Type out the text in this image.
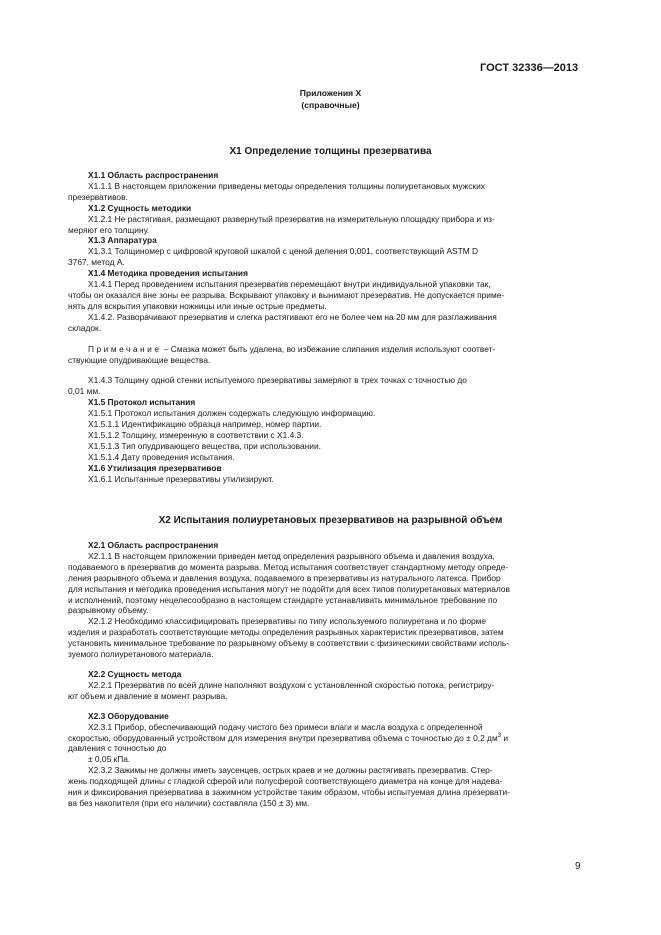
ГОСТ 32336—2013
Приложения Х
(справочные)
Х1 Определение толщины презерватива

Х1.1 Область распространения

Х1.1.1 В настоящем приложении приведены методы определения толщины полиуретановых мужских

презервативов.

Х1.2 Сущность методики

Х1.2.1 Не растягивая, размещают развернутый презерватив на измерительную площадку прибора и из-

меряют его толщину.

Х1.3 Аппаратура

Х1.3.1 Толщиномер с цифровой круговой шкалой с ценой деления 0,001, соответствующий ASTM D

3767, метод А.

Х1.4 Методика проведения испытания

Х1.4.1 Перед проведением испытания презерватив перемещают внутри индивидуальной упаковки так,

чтобы он оказался вне зоны ее разрыва. Вскрывают упаковку и вынимают презерватив. Не допускается приме-

нять для вскрытия упаковки ножницы или иные острые предметы.

Х1.4.2. Разворачивают презерватив и слегка растягивают его не более чем на 20 мм для разглаживания

складок.

Примечание – Смазка может быть удалена, во избежание слипания изделия используют соответ-

ствующие опудривающие вещества.

Х1.4.3 Толщину одной стенки испытуемого презервативы замеряют в трех точках с точностью до

0,01 мм.

Х1.5 Протокол испытания

Х1.5.1 Протокол испытания должен содержать следующую информацию.

Х1.5.1.1 Идентификацию образца например, номер партии.

Х1.5.1.2 Толщину, измеренную в соответствии с Х1.4.3.

Х1.5.1.3 Тип опудривающего вещества, при использовании.

Х1.5.1.4 Дату проведения испытания.

Х1.6 Утилизация презервативов

Х1.6.1 Испытанные презервативы утилизируют.

Х2 Испытания полиуретановых презервативов на разрывной объем

Х2.1 Область распространения

Х2.1.1 В настоящем приложении приведен метод определения разрывного объема и давления воздуха,

подаваемого в презерватив до момента разрыва. Метод испытания соответствует стандартному методу опреде-

ления разрывного объема и давления воздуха, подаваемого в презервативы из натурального латекса. Прибор

для испытания и методика проведения испытания могут не подойти для всех типов полиуретановых материалов

и исполнений, поэтому нецелесообразно в настоящем стандарте устанавливать минимальное требование по

разрывному объему.

Х2.1.2 Необходимо классифицировать презервативы по типу используемого полиуретана и по форме

изделия и разработать соответствующие методы определения разрывных характеристик презервативов, затем

установить минимальное требование по разрывному объему в соответствии с физическими свойствами исполь-

зуемого полиуретанового материала.

Х2.2 Сущность метода

Х2.2.1 Презерватив по всей длине наполняют воздухом с установленной скоростью потока, регистриру-

ют объем и давление в момент разрыва.

Х2.3 Оборудование

Х2.3.1 Прибор, обеспечивающий подачу чистого без примеси влаги и масла воздуха с определенной

скоростью, оборудованный устройством для измерения внутри презерватива объема с точностью до ± 0,2 $дм^3$ и

давления с точностью до

± 0,05 кПа.

Х2.3.2 Зажимы не должны иметь заусенцев, острых краев и не должны растягивать презерватив. Стер-

жень подходящей длины с гладкой сферой или полусферой соответствующего диаметра на конце для надева-

ния и фиксирования презерватива в зажимном устройстве таким образом, чтобы испытуемая длина презервати-

ва без накопителя (при его наличии) составляла (150 ± 3) мм.

9
